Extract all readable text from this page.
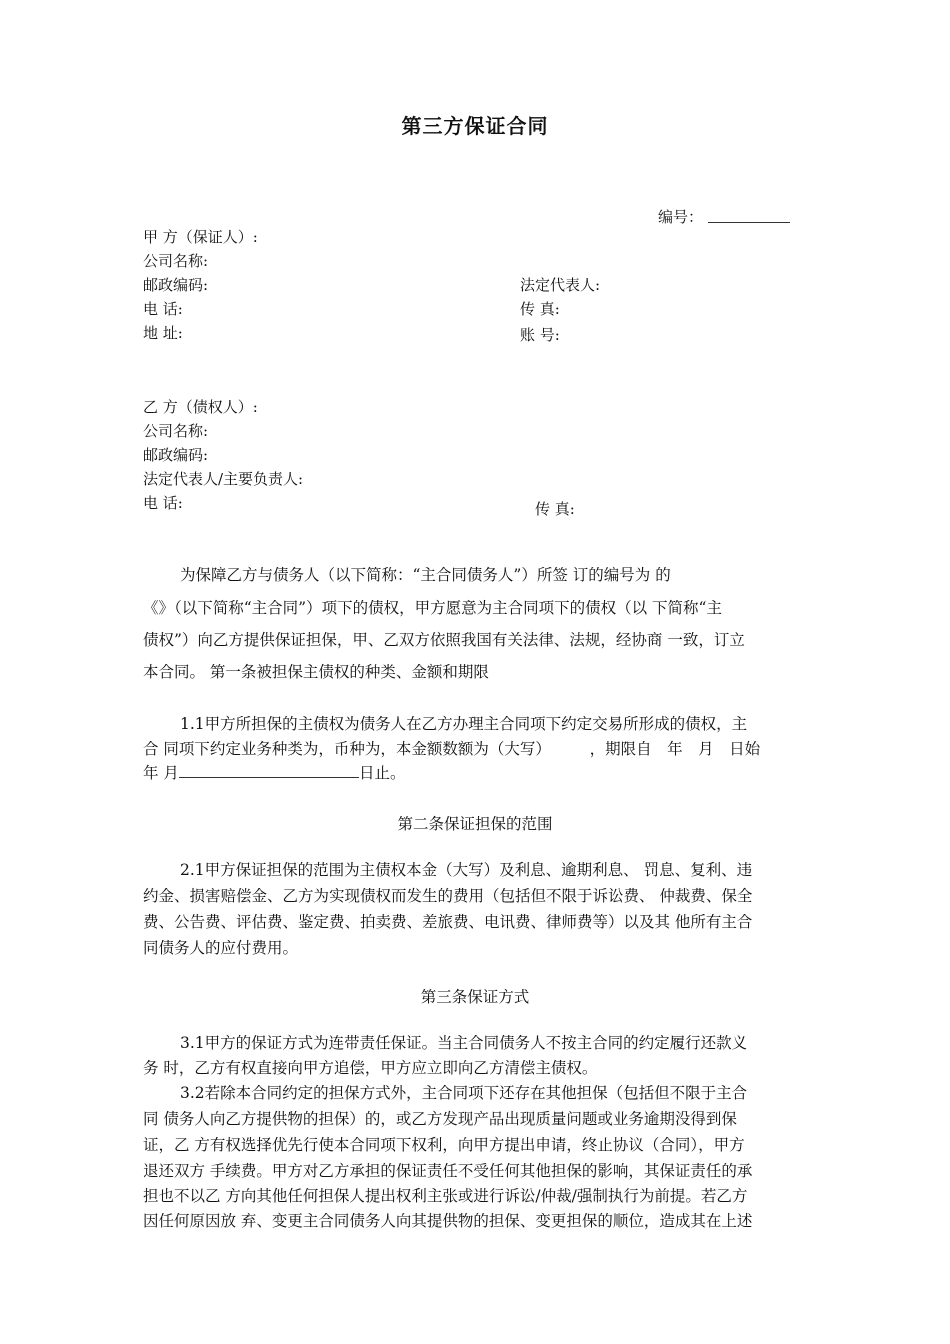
第三方保证合同
编号：
甲 方（保证人）:
公司名称:
邮政编码:	法定代表人:
电 话:	传 真:
地 址:	账 号:
乙 方（债权人）:
公司名称:
邮政编码:
法定代表人/主要负责人:
电 话:	传 真:
为保障乙方与债务人（以下简称：“主合同债务人”）所签 订的编号为 的
《》（以下简称“主合同”）项下的债权，甲方愿意为主合同项下的债权（以 下简称“主
债权”）向乙方提供保证担保，甲、乙双方依照我国有关法律、法规，经协商 一致，订立
本合同。 第一条被担保主债权的种类、金额和期限
1.1甲方所担保的主债权为债务人在乙方办理主合同项下约定交易所形成的债权，主
合 同项下约定业务种类为，币种为，本金额数额为（大写）　　　，期限自　年　月　日始
年 月	日止。
第二条保证担保的范围
2.1甲方保证担保的范围为主债权本金（大写）及利息、逾期利息、 罚息、复利、违
约金、损害赔偿金、乙方为实现债权而发生的费用（包括但不限于诉讼费、 仲裁费、保全
费、公告费、评估费、鉴定费、拍卖费、差旅费、电讯费、律师费等）以及其 他所有主合
同债务人的应付费用。
第三条保证方式
3.1甲方的保证方式为连带责任保证。当主合同债务人不按主合同的约定履行还款义
务 时，乙方有权直接向甲方追偿，甲方应立即向乙方清偿主债权。
3.2若除本合同约定的担保方式外，主合同项下还存在其他担保（包括但不限于主合
同 债务人向乙方提供物的担保）的，或乙方发现产品出现质量问题或业务逾期没得到保
证，乙 方有权选择优先行使本合同项下权利，向甲方提出申请，终止协议（合同），甲方
退还双方 手续费。甲方对乙方承担的保证责任不受任何其他担保的影响，其保证责任的承
担也不以乙 方向其他任何担保人提出权利主张或进行诉讼/仲裁/强制执行为前提。若乙方
因任何原因放 弃、变更主合同债务人向其提供物的担保、变更担保的顺位，造成其在上述
